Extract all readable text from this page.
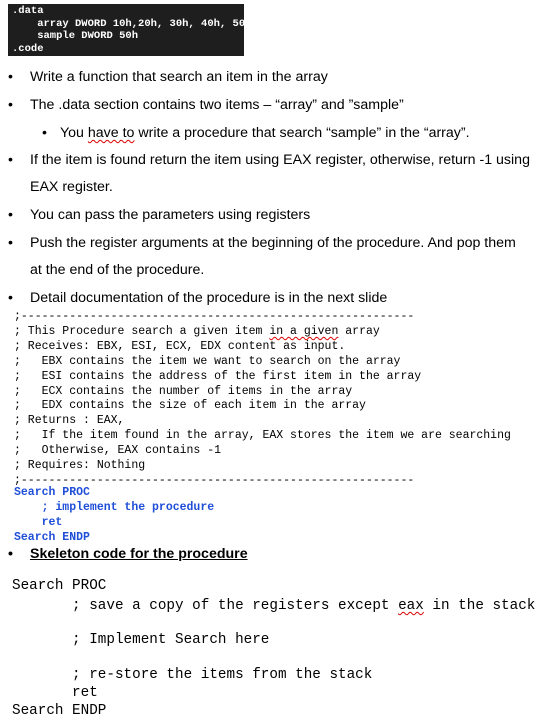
.data
array DWORD 10h,20h, 30h, 40h, 50h
sample DWORD 50h
.code
• Write a function that search an item in the array
• The .data section contains two items – “array” and ”sample”
• You have to write a procedure that search “sample” in the “array”.
• If the item is found return the item using EAX register, otherwise, return -1 using
EAX register.
• You can pass the parameters using registers
• Push the register arguments at the beginning of the procedure. And pop them
at the end of the procedure.
• Detail documentation of the procedure is in the next slide
;---------------------------------------------------------
; This Procedure search a given item in a given array
; Receives: EBX, ESI, ECX, EDX content as input.
;   EBX contains the item we want to search on the array
;   ESI contains the address of the first item in the array
;   ECX contains the number of items in the array
;   EDX contains the size of each item in the array
; Returns : EAX,
;   If the item found in the array, EAX stores the item we are searching
;   Otherwise, EAX contains -1
; Requires: Nothing
;---------------------------------------------------------
Search PROC
; implement the procedure
ret
Search ENDP
• Skeleton code for the procedure
Search PROC
; save a copy of the registers except eax in the stack
; Implement Search here
; re-store the items from the stack
ret
Search ENDP
